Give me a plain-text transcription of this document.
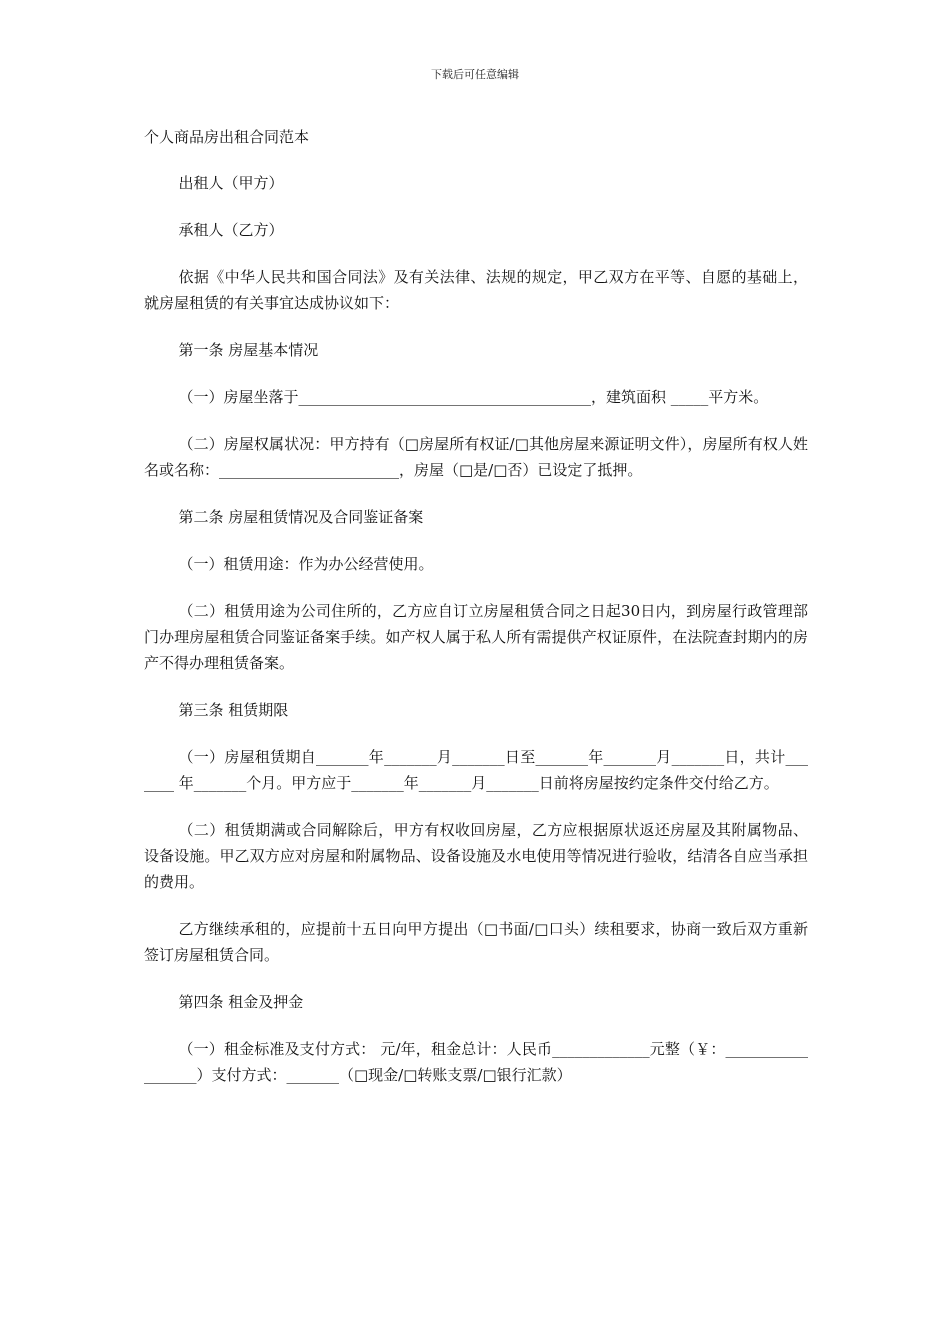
下载后可任意编辑

个人商品房出租合同范本

出租人（甲方）

承租人（乙方）

依据《中华人民共和国合同法》及有关法律、法规的规定，甲乙双方在平等、自愿的基础上，就房屋租赁的有关事宜达成协议如下：

第一条 房屋基本情况

（一）房屋坐落于_______________________________________，建筑面积 _____平方米。

（二）房屋权属状况：甲方持有（□房屋所有权证/□其他房屋来源证明文件），房屋所有权人姓名或名称：________________________，房屋（□是/□否）已设定了抵押。

第二条 房屋租赁情况及合同鉴证备案

（一）租赁用途：作为办公经营使用。

（二）租赁用途为公司住所的，乙方应自订立房屋租赁合同之日起30日内，到房屋行政管理部门办理房屋租赁合同鉴证备案手续。如产权人属于私人所有需提供产权证原件，在法院查封期内的房产不得办理租赁备案。

第三条 租赁期限

（一）房屋租赁期自_______年_______月_______日至_______年_______月_______日，共计_______ 年_______个月。甲方应于_______年_______月_______日前将房屋按约定条件交付给乙方。

（二）租赁期满或合同解除后，甲方有权收回房屋，乙方应根据原状返还房屋及其附属物品、设备设施。甲乙双方应对房屋和附属物品、设备设施及水电使用等情况进行验收，结清各自应当承担的费用。

乙方继续承租的，应提前十五日向甲方提出（□书面/□口头）续租要求，协商一致后双方重新签订房屋租赁合同。

第四条 租金及押金

（一）租金标准及支付方式： 元/年，租金总计：人民币_____________元整（￥：__________________）支付方式：_______（□现金/□转账支票/□银行汇款）
